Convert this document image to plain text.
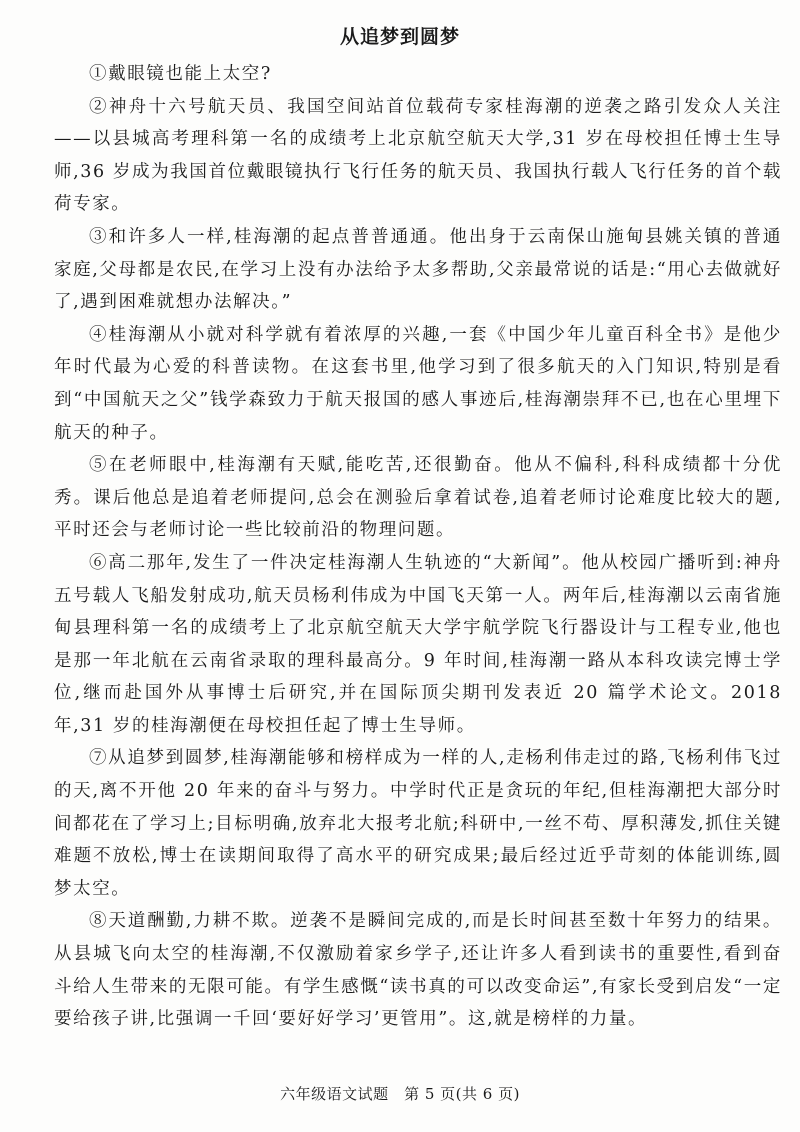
从追梦到圆梦

①戴眼镜也能上太空?

②神舟十六号航天员、我国空间站首位载荷专家桂海潮的逆袭之路引发众人关注——以县城高考理科第一名的成绩考上北京航空航天大学,31 岁在母校担任博士生导师,36 岁成为我国首位戴眼镜执行飞行任务的航天员、我国执行载人飞行任务的首个载荷专家。

③和许多人一样,桂海潮的起点普普通通。他出身于云南保山施甸县姚关镇的普通家庭,父母都是农民,在学习上没有办法给予太多帮助,父亲最常说的话是:“用心去做就好了,遇到困难就想办法解决。”

④桂海潮从小就对科学就有着浓厚的兴趣,一套《中国少年儿童百科全书》是他少年时代最为心爱的科普读物。在这套书里,他学习到了很多航天的入门知识,特别是看到“中国航天之父”钱学森致力于航天报国的感人事迹后,桂海潮崇拜不已,也在心里埋下航天的种子。

⑤在老师眼中,桂海潮有天赋,能吃苦,还很勤奋。他从不偏科,科科成绩都十分优秀。课后他总是追着老师提问,总会在测验后拿着试卷,追着老师讨论难度比较大的题,平时还会与老师讨论一些比较前沿的物理问题。

⑥高二那年,发生了一件决定桂海潮人生轨迹的“大新闻”。他从校园广播听到:神舟五号载人飞船发射成功,航天员杨利伟成为中国飞天第一人。两年后,桂海潮以云南省施甸县理科第一名的成绩考上了北京航空航天大学宇航学院飞行器设计与工程专业,他也是那一年北航在云南省录取的理科最高分。9 年时间,桂海潮一路从本科攻读完博士学位,继而赴国外从事博士后研究,并在国际顶尖期刊发表近 20 篇学术论文。2018 年,31 岁的桂海潮便在母校担任起了博士生导师。

⑦从追梦到圆梦,桂海潮能够和榜样成为一样的人,走杨利伟走过的路,飞杨利伟飞过的天,离不开他 20 年来的奋斗与努力。中学时代正是贪玩的年纪,但桂海潮把大部分时间都花在了学习上;目标明确,放弃北大报考北航;科研中,一丝不苟、厚积薄发,抓住关键难题不放松,博士在读期间取得了高水平的研究成果;最后经过近乎苛刻的体能训练,圆梦太空。

⑧天道酬勤,力耕不欺。逆袭不是瞬间完成的,而是长时间甚至数十年努力的结果。从县城飞向太空的桂海潮,不仅激励着家乡学子,还让许多人看到读书的重要性,看到奋斗给人生带来的无限可能。有学生感慨“读书真的可以改变命运”,有家长受到启发“一定要给孩子讲,比强调一千回‘要好好学习’更管用”。这,就是榜样的力量。

六年级语文试题　第 5 页(共 6 页)
